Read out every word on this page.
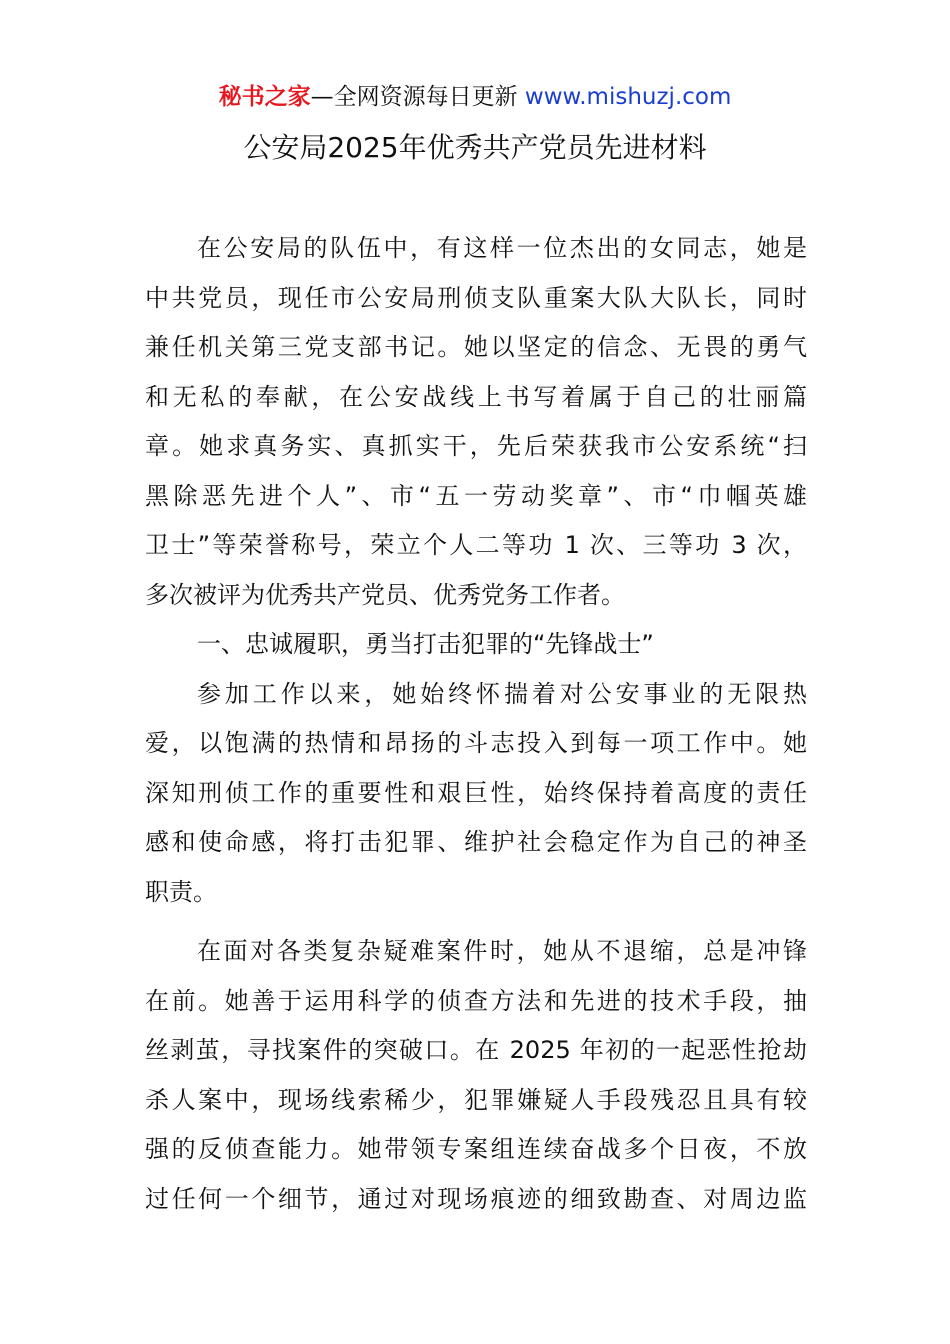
秘书之家—全网资源每日更新 www.mishuzj.com
公安局2025年优秀共产党员先进材料
在公安局的队伍中，有这样一位杰出的女同志，她是
中共党员，现任市公安局刑侦支队重案大队大队长，同时
兼任机关第三党支部书记。她以坚定的信念、无畏的勇气
和无私的奉献，在公安战线上书写着属于自己的壮丽篇
章。她求真务实、真抓实干，先后荣获我市公安系统“扫
黑除恶先进个人”、市“五一劳动奖章”、市“巾帼英雄
卫士”等荣誉称号，荣立个人二等功 1 次、三等功 3 次，
多次被评为优秀共产党员、优秀党务工作者。
一、忠诚履职，勇当打击犯罪的“先锋战士”
参加工作以来，她始终怀揣着对公安事业的无限热
爱，以饱满的热情和昂扬的斗志投入到每一项工作中。她
深知刑侦工作的重要性和艰巨性，始终保持着高度的责任
感和使命感，将打击犯罪、维护社会稳定作为自己的神圣
职责。
在面对各类复杂疑难案件时，她从不退缩，总是冲锋
在前。她善于运用科学的侦查方法和先进的技术手段，抽
丝剥茧，寻找案件的突破口。在 2025 年初的一起恶性抢劫
杀人案中，现场线索稀少，犯罪嫌疑人手段残忍且具有较
强的反侦查能力。她带领专案组连续奋战多个日夜，不放
过任何一个细节，通过对现场痕迹的细致勘查、对周边监
